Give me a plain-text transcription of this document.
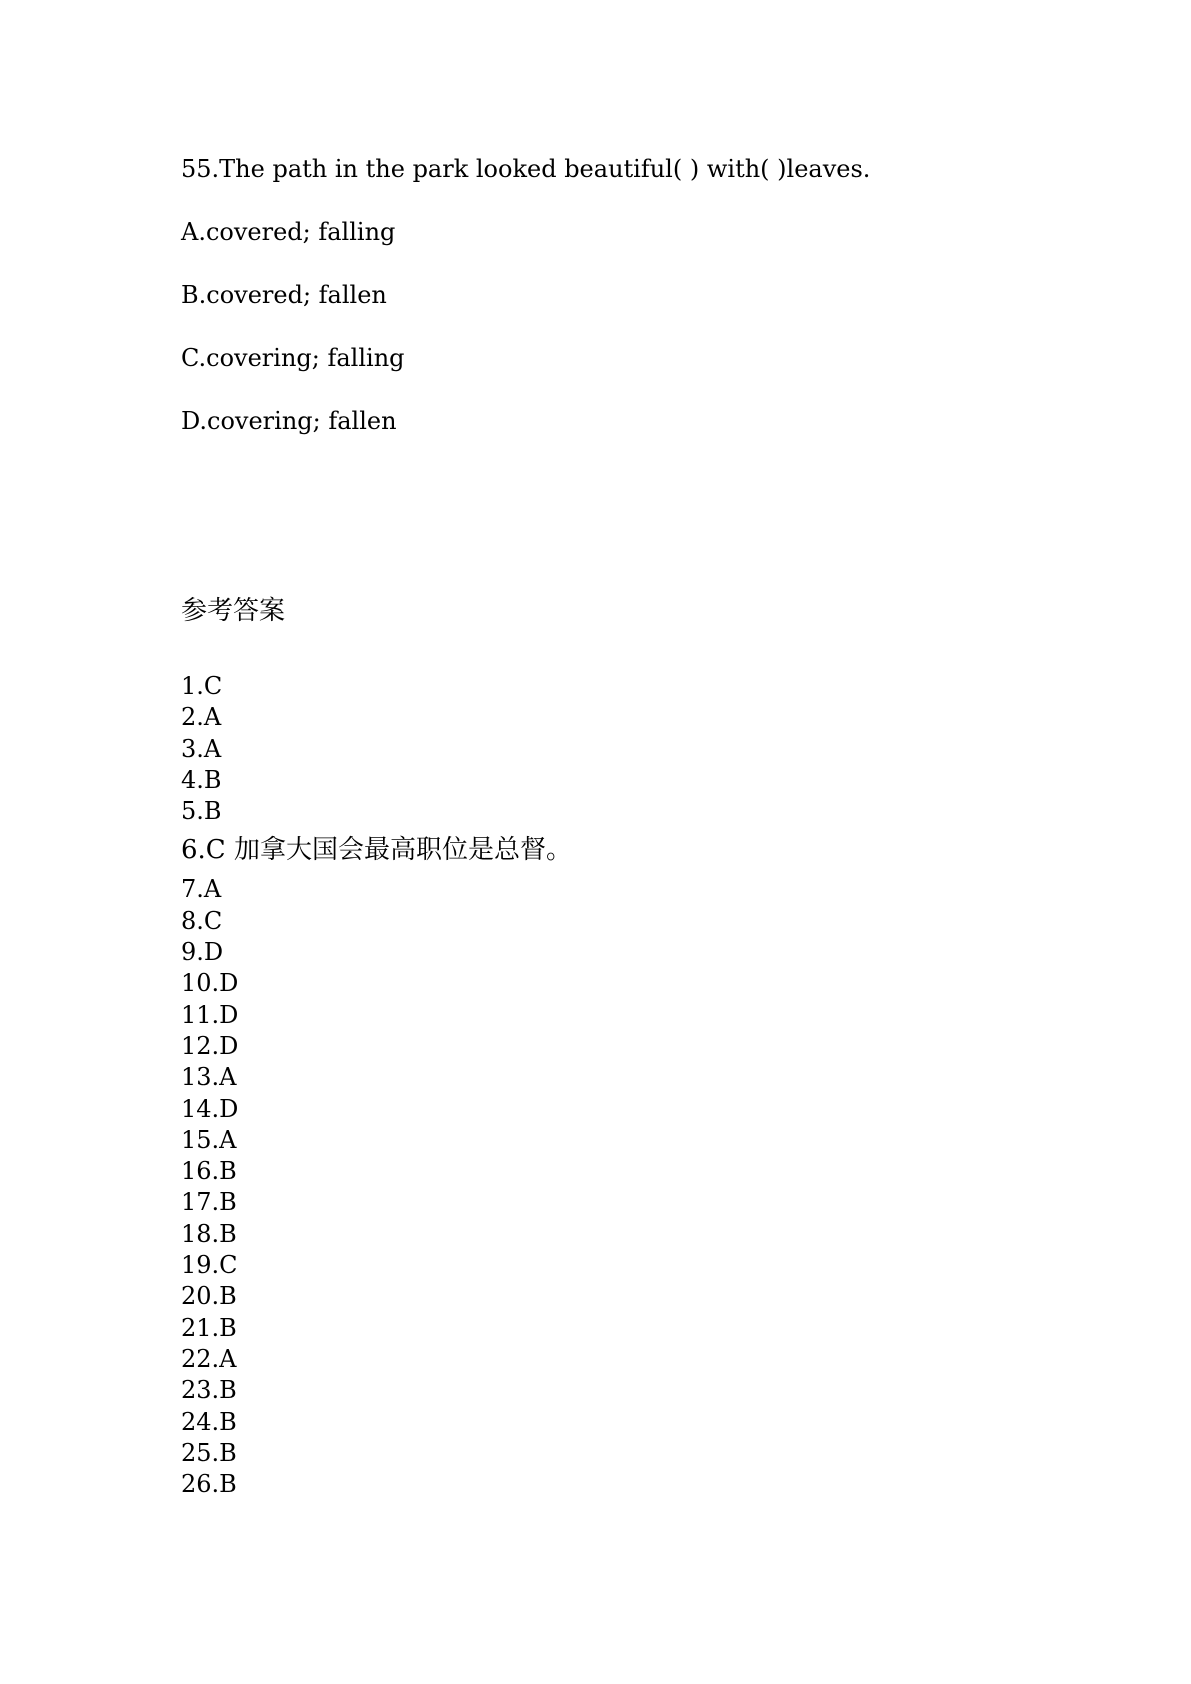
55.The path in the park looked beautiful( ) with( )leaves.
A.covered; falling
B.covered; fallen
C.covering; falling
D.covering; fallen
参考答案
1.C
2.A
3.A
4.B
5.B
6.C 加拿大国会最高职位是总督。
7.A
8.C
9.D
10.D
11.D
12.D
13.A
14.D
15.A
16.B
17.B
18.B
19.C
20.B
21.B
22.A
23.B
24.B
25.B
26.B
